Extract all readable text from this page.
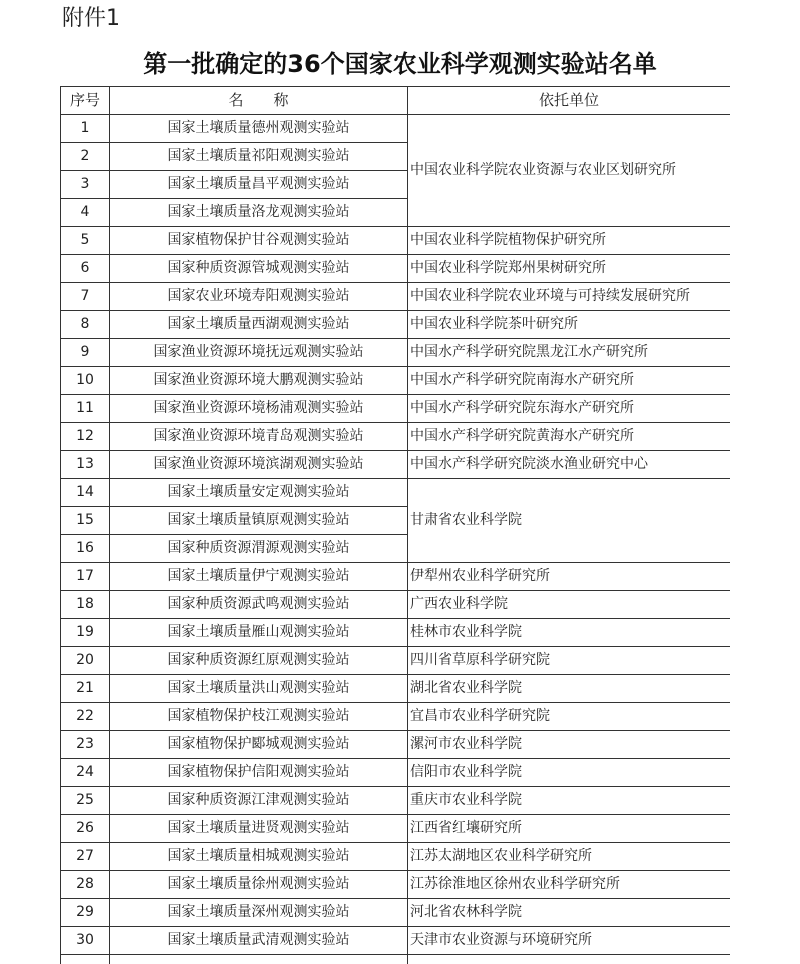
附件1
第一批确定的36个国家农业科学观测实验站名单
序号	名　　称	依托单位
1	国家土壤质量德州观测实验站	中国农业科学院农业资源与农业区划研究所
2	国家土壤质量祁阳观测实验站	
3	国家土壤质量昌平观测实验站	
4	国家土壤质量洛龙观测实验站	
5	国家植物保护甘谷观测实验站	中国农业科学院植物保护研究所
6	国家种质资源管城观测实验站	中国农业科学院郑州果树研究所
7	国家农业环境寿阳观测实验站	中国农业科学院农业环境与可持续发展研究所
8	国家土壤质量西湖观测实验站	中国农业科学院茶叶研究所
9	国家渔业资源环境抚远观测实验站	中国水产科学研究院黑龙江水产研究所
10	国家渔业资源环境大鹏观测实验站	中国水产科学研究院南海水产研究所
11	国家渔业资源环境杨浦观测实验站	中国水产科学研究院东海水产研究所
12	国家渔业资源环境青岛观测实验站	中国水产科学研究院黄海水产研究所
13	国家渔业资源环境滨湖观测实验站	中国水产科学研究院淡水渔业研究中心
14	国家土壤质量安定观测实验站	甘肃省农业科学院
15	国家土壤质量镇原观测实验站	
16	国家种质资源渭源观测实验站	
17	国家土壤质量伊宁观测实验站	伊犁州农业科学研究所
18	国家种质资源武鸣观测实验站	广西农业科学院
19	国家土壤质量雁山观测实验站	桂林市农业科学院
20	国家种质资源红原观测实验站	四川省草原科学研究院
21	国家土壤质量洪山观测实验站	湖北省农业科学院
22	国家植物保护枝江观测实验站	宜昌市农业科学研究院
23	国家植物保护郾城观测实验站	漯河市农业科学院
24	国家植物保护信阳观测实验站	信阳市农业科学院
25	国家种质资源江津观测实验站	重庆市农业科学院
26	国家土壤质量进贤观测实验站	江西省红壤研究所
27	国家土壤质量相城观测实验站	江苏太湖地区农业科学研究所
28	国家土壤质量徐州观测实验站	江苏徐淮地区徐州农业科学研究所
29	国家土壤质量深州观测实验站	河北省农林科学院
30	国家土壤质量武清观测实验站	天津市农业资源与环境研究所
